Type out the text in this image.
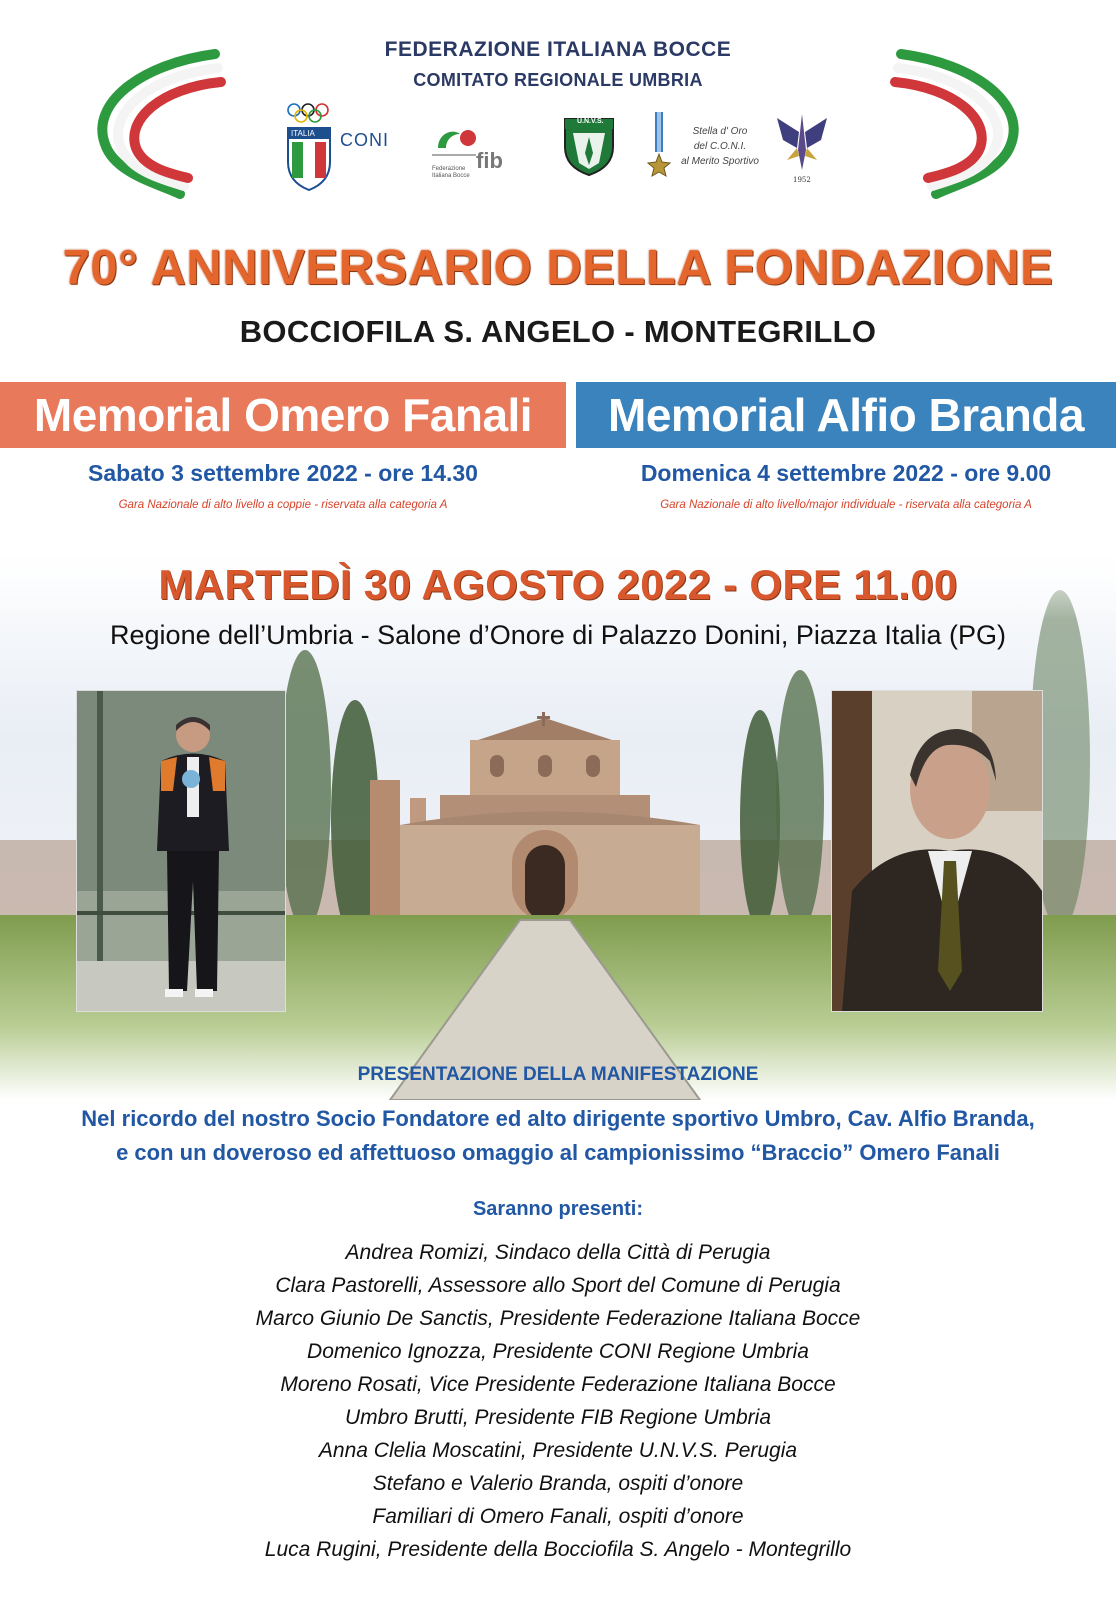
FEDERAZIONE ITALIANA BOCCE
COMITATO REGIONALE UMBRIA
ITALIA CONI
fib
Federazione Italiana Bocce
U.N.V.S.
Stella d' Oro
del C.O.N.I.
al Merito Sportivo
1952
70° ANNIVERSARIO DELLA FONDAZIONE
BOCCIOFILA S. ANGELO - MONTEGRILLO
Memorial Omero Fanali	Memorial Alfio Branda
Sabato 3 settembre 2022 - ore 14.30	Domenica 4 settembre 2022 - ore 9.00
Gara Nazionale di alto livello a coppie - riservata alla categoria A	Gara Nazionale di alto livello/major individuale - riservata alla categoria A
MARTEDÌ 30 AGOSTO 2022 - ORE 11.00
Regione dell’Umbria - Salone d’Onore di Palazzo Donini, Piazza Italia (PG)
PRESENTAZIONE DELLA MANIFESTAZIONE
Nel ricordo del nostro Socio Fondatore ed alto dirigente sportivo Umbro, Cav. Alfio Branda,
e con un doveroso ed affettuoso omaggio al campionissimo “Braccio” Omero Fanali
Saranno presenti:
Andrea Romizi, Sindaco della Città di Perugia
Clara Pastorelli, Assessore allo Sport del Comune di Perugia
Marco Giunio De Sanctis, Presidente Federazione Italiana Bocce
Domenico Ignozza, Presidente CONI Regione Umbria
Moreno Rosati, Vice Presidente Federazione Italiana Bocce
Umbro Brutti, Presidente FIB Regione Umbria
Anna Clelia Moscatini, Presidente U.N.V.S. Perugia
Stefano e Valerio Branda, ospiti d’onore
Familiari di Omero Fanali, ospiti d’onore
Luca Rugini, Presidente della Bocciofila S. Angelo - Montegrillo
